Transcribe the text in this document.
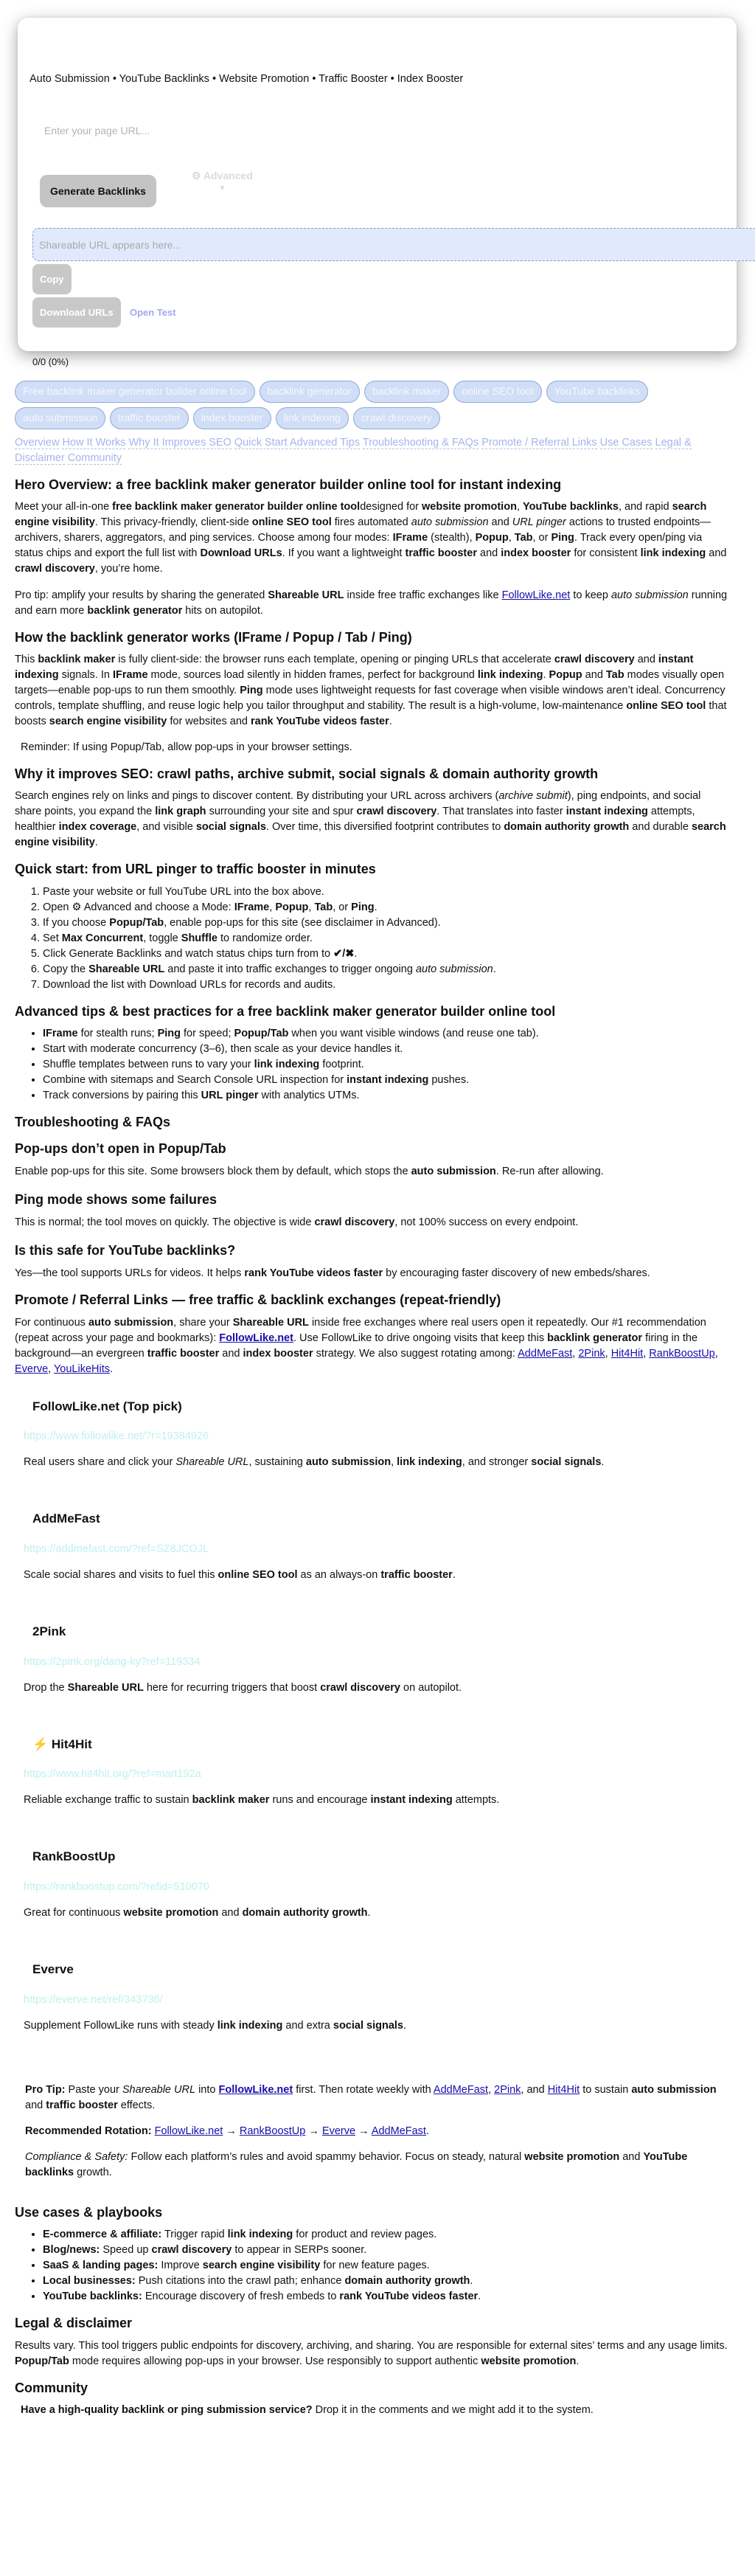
Auto Submission • YouTube Backlinks • Website Promotion • Traffic Booster • Index Booster
Enter your page URL...
Generate Backlinks
⚙ Advanced
▼
Shareable URL appears here...
Copy
Download URLs	Open Test
0/0 (0%)
Free backlink maker generator builder online tool	backlink generator	backlink maker	online SEO tool	YouTube backlinks
auto submission	traffic booster	index booster	link indexing	crawl discovery
Overview How It Works Why It Improves SEO Quick Start Advanced Tips Troubleshooting & FAQs Promote / Referral Links Use Cases Legal & Disclaimer Community
Hero Overview: a free backlink maker generator builder online tool for instant indexing

Meet your all-in-one free backlink maker generator builder online tooldesigned for website promotion, YouTube backlinks, and rapid search engine visibility. This privacy-friendly, client-side online SEO tool fires automated auto submission and URL pinger actions to trusted endpoints—archivers, sharers, aggregators, and ping services. Choose among four modes: IFrame (stealth), Popup, Tab, or Ping. Track every open/ping via status chips and export the full list with Download URLs. If you want a lightweight traffic booster and index booster for consistent link indexing and crawl discovery, you’re home.

Pro tip: amplify your results by sharing the generated Shareable URL inside free traffic exchanges like FollowLike.net to keep auto submission running and earn more backlink generator hits on autopilot.

How the backlink generator works (IFrame / Popup / Tab / Ping)

This backlink maker is fully client-side: the browser runs each template, opening or pinging URLs that accelerate crawl discovery and instant indexing signals. In IFrame mode, sources load silently in hidden frames, perfect for background link indexing. Popup and Tab modes visually open targets—enable pop-ups to run them smoothly. Ping mode uses lightweight requests for fast coverage when visible windows aren’t ideal. Concurrency controls, template shuffling, and reuse logic help you tailor throughput and stability. The result is a high-volume, low-maintenance online SEO tool that boosts search engine visibility for websites and rank YouTube videos faster.

Reminder: If using Popup/Tab, allow pop-ups in your browser settings.

Why it improves SEO: crawl paths, archive submit, social signals & domain authority growth

Search engines rely on links and pings to discover content. By distributing your URL across archivers (archive submit), ping endpoints, and social share points, you expand the link graph surrounding your site and spur crawl discovery. That translates into faster instant indexing attempts, healthier index coverage, and visible social signals. Over time, this diversified footprint contributes to domain authority growth and durable search engine visibility.

Quick start: from URL pinger to traffic booster in minutes
1. Paste your website or full YouTube URL into the box above.
2. Open ⚙ Advanced and choose a Mode: IFrame, Popup, Tab, or Ping.
3. If you choose Popup/Tab, enable pop-ups for this site (see disclaimer in Advanced).
4. Set Max Concurrent, toggle Shuffle to randomize order.
5. Click Generate Backlinks and watch status chips turn from to ✔/✖.
6. Copy the Shareable URL and paste it into traffic exchanges to trigger ongoing auto submission.
7. Download the list with Download URLs for records and audits.
Advanced tips & best practices for a free backlink maker generator builder online tool
• IFrame for stealth runs; Ping for speed; Popup/Tab when you want visible windows (and reuse one tab).
• Start with moderate concurrency (3–6), then scale as your device handles it.
• Shuffle templates between runs to vary your link indexing footprint.
• Combine with sitemaps and Search Console URL inspection for instant indexing pushes.
• Track conversions by pairing this URL pinger with analytics UTMs.
Troubleshooting & FAQs
Pop-ups don’t open in Popup/Tab

Enable pop-ups for this site. Some browsers block them by default, which stops the auto submission. Re-run after allowing.

Ping mode shows some failures

This is normal; the tool moves on quickly. The objective is wide crawl discovery, not 100% success on every endpoint.

Is this safe for YouTube backlinks?

Yes—the tool supports URLs for videos. It helps rank YouTube videos faster by encouraging faster discovery of new embeds/shares.

Promote / Referral Links — free traffic & backlink exchanges (repeat-friendly)

For continuous auto submission, share your Shareable URL inside free exchanges where real users open it repeatedly. Our #1 recommendation (repeat across your page and bookmarks): FollowLike.net. Use FollowLike to drive ongoing visits that keep this backlink generator firing in the background—an evergreen traffic booster and index booster strategy. We also suggest rotating among: AddMeFast, 2Pink, Hit4Hit, RankBoostUp, Everve, YouLikeHits.

FollowLike.net (Top pick)
https://www.followlike.net/?r=19384926

Real users share and click your Shareable URL, sustaining auto submission, link indexing, and stronger social signals.

AddMeFast
https://addmefast.com/?ref=SZ8JCOJL

Scale social shares and visits to fuel this online SEO tool as an always-on traffic booster.

2Pink
https://2pink.org/dang-ky?ref=119334

Drop the Shareable URL here for recurring triggers that boost crawl discovery on autopilot.

⚡ Hit4Hit
https://www.hit4hit.org/?ref=mart192a

Reliable exchange traffic to sustain backlink maker runs and encourage instant indexing attempts.

RankBoostUp
https://rankboostup.com/?refid=510070

Great for continuous website promotion and domain authority growth.

Everve
https://everve.net/ref/343736/

Supplement FollowLike runs with steady link indexing and extra social signals.

Pro Tip: Paste your Shareable URL into FollowLike.net first. Then rotate weekly with AddMeFast, 2Pink, and Hit4Hit to sustain auto submission and traffic booster effects.

Recommended Rotation: FollowLike.net → RankBoostUp → Everve → AddMeFast.

Compliance & Safety: Follow each platform’s rules and avoid spammy behavior. Focus on steady, natural website promotion and YouTube backlinks growth.

Use cases & playbooks
• E-commerce & affiliate: Trigger rapid link indexing for product and review pages.
• Blog/news: Speed up crawl discovery to appear in SERPs sooner.
• SaaS & landing pages: Improve search engine visibility for new feature pages.
• Local businesses: Push citations into the crawl path; enhance domain authority growth.
• YouTube backlinks: Encourage discovery of fresh embeds to rank YouTube videos faster.
Legal & disclaimer

Results vary. This tool triggers public endpoints for discovery, archiving, and sharing. You are responsible for external sites’ terms and any usage limits. Popup/Tab mode requires allowing pop-ups in your browser. Use responsibly to support authentic website promotion.

Community

Have a high-quality backlink or ping submission service? Drop it in the comments and we might add it to the system.
